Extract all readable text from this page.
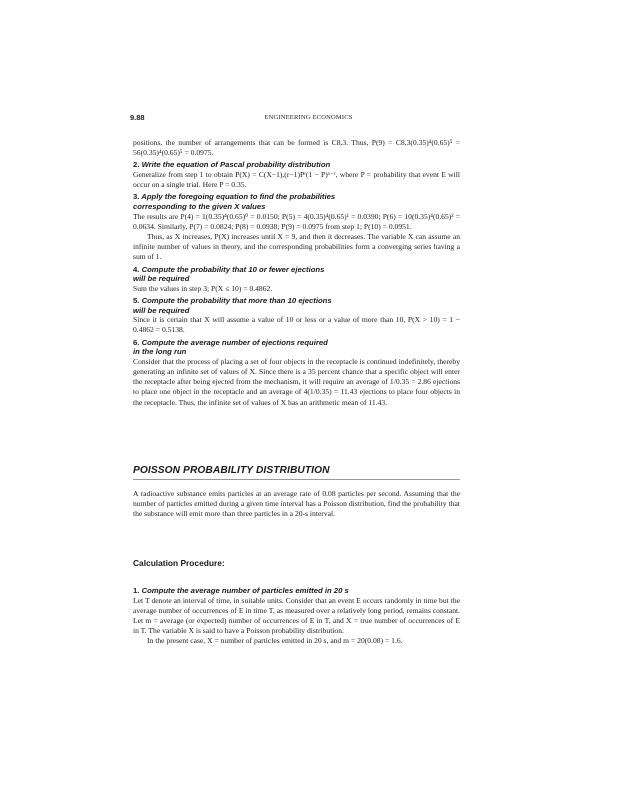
9.88	ENGINEERING ECONOMICS

positions, the number of arrangements that can be formed is C8,3. Thus, P(9) = C8,3(0.35)⁴(0.65)⁵ = 56(0.35)⁴(0.65)⁵ = 0.0975.

2. Write the equation of Pascal probability distribution

Generalize from step 1 to obtain P(X) = C(X−1),(r−1)Pʳ(1 − P)ˣ⁻ʳ, where P = probability that event E will occur on a single trial. Here P = 0.35.

3. Apply the foregoing equation to find the probabilities
corresponding to the given X values

The results are P(4) = 1(0.35)⁴(0.65)⁰ = 0.0150; P(5) = 4(0.35)⁴(0.65)¹ = 0.0390; P(6) = 10(0.35)⁴(0.65)² = 0.0634. Similarly, P(7) = 0.0824; P(8) = 0.0938; P(9) = 0.0975 from step 1; P(10) = 0.0951.

Thus, as X increases, P(X) increases until X = 9, and then it decreases. The variable X can assume an infinite number of values in theory, and the corresponding probabilities form a converging series having a sum of 1.

4. Compute the probability that 10 or fewer ejections
will be required

Sum the values in step 3; P(X ≤ 10) = 0.4862.

5. Compute the probability that more than 10 ejections
will be required

Since it is certain that X will assume a value of 10 or less or a value of more than 10, P(X > 10) = 1 − 0.4862 = 0.5138.

6. Compute the average number of ejections required
in the long run

Consider that the process of placing a set of four objects in the receptacle is continued indefinitely, thereby generating an infinite set of values of X. Since there is a 35 percent chance that a specific object will enter the receptacle after being ejected from the mechanism, it will require an average of 1/0.35 = 2.86 ejections to place one object in the receptacle and an average of 4(1/0.35) = 11.43 ejections to place four objects in the receptacle. Thus, the infinite set of values of X has an arithmetic mean of 11.43.

POISSON PROBABILITY DISTRIBUTION

A radioactive substance emits particles at an average rate of 0.08 particles per second. Assuming that the number of particles emitted during a given time interval has a Poisson distribution, find the probability that the substance will emit more than three particles in a 20-s interval.

Calculation Procedure:

1. Compute the average number of particles emitted in 20 s

Let T denote an interval of time, in suitable units. Consider that an event E occurs randomly in time but the average number of occurrences of E in time T, as measured over a relatively long period, remains constant. Let m = average (or expected) number of occurrences of E in T, and X = true number of occurrences of E in T. The variable X is said to have a Poisson probability distribution.

In the present case, X = number of particles emitted in 20 s, and m = 20(0.08) = 1.6.
